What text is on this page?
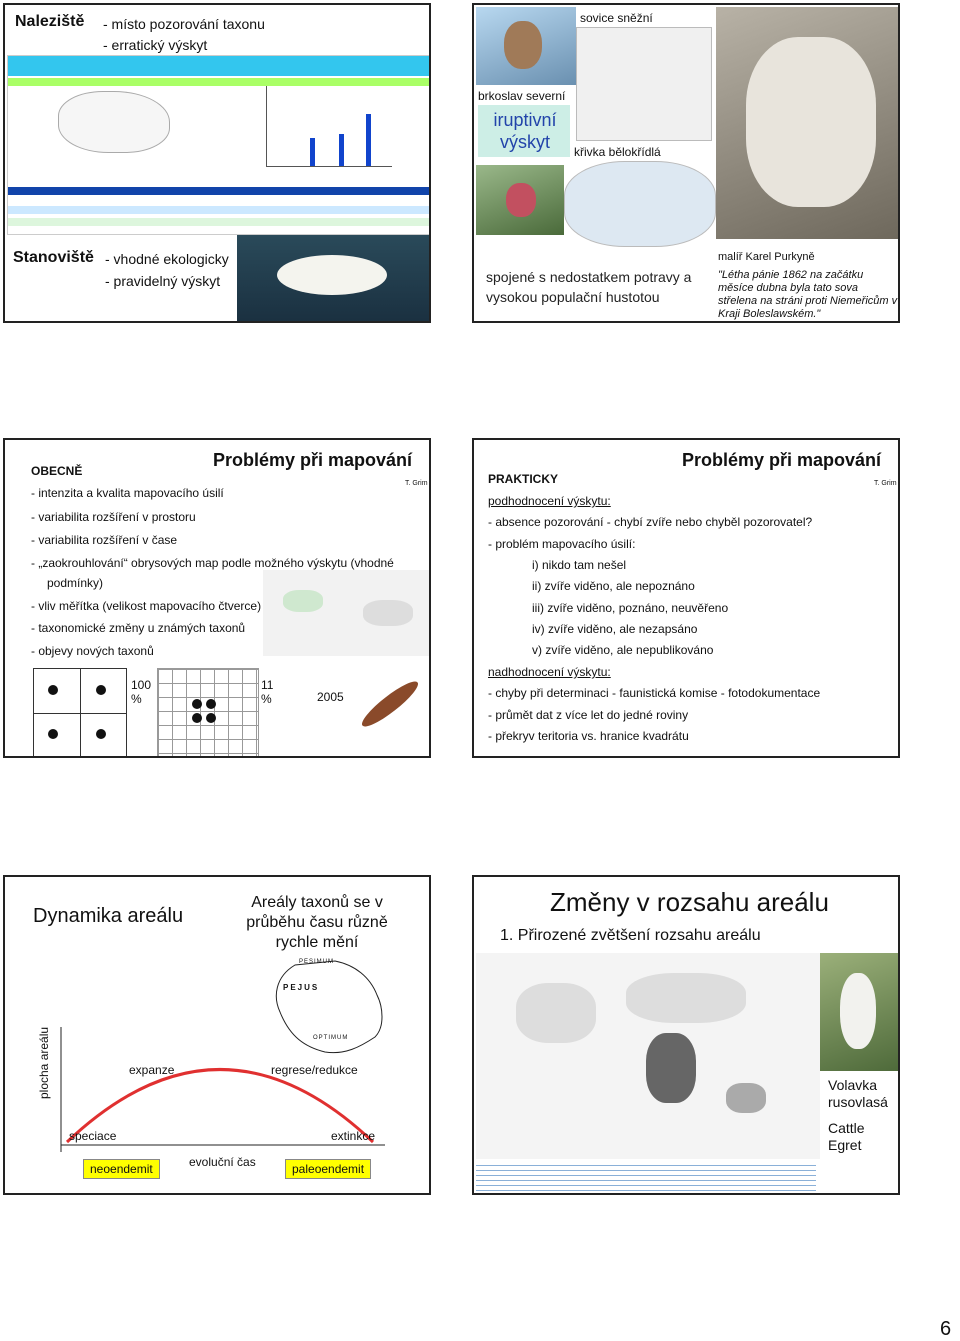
Naleziště - místo pozorování taxonu
- erratický výskyt
Stanoviště - vhodné ekologicky
- pravidelný výskyt
sovice sněžní
brkoslav severní
iruptivní výskyt	křivka bělokřídlá
spojené s nedostatkem potravy a vysokou populační hustotou
malíř Karel Purkyně
"Létha pánie 1862 na začátku měsíce dubna byla tato sova střelena na stráni proti Niemeřicům v Kraji Boleslawském."
OBECNĚ
Problémy při mapování
T. Grim
- intenzita a kvalita mapovacího úsilí
- variabilita rozšíření v prostoru
- variabilita rozšíření v čase
- „zaokrouhlování“ obrysových map podle možného výskytu (vhodné
podmínky)
- vliv měřítka (velikost mapovacího čtverce)
- taxonomické změny u známých taxonů
- objevy nových taxonů
100 %
11 %	2005
Problémy při mapování
T. Grim
PRAKTICKY
podhodnocení výskytu:
- absence pozorování - chybí zvíře nebo chyběl pozorovatel?
- problém mapovacího úsilí:
i) nikdo tam nešel
ii) zvíře viděno, ale nepoznáno
iii) zvíře viděno, poznáno, neuvěřeno
iv) zvíře viděno, ale nezapsáno
v) zvíře viděno, ale nepublikováno
nadhodnocení výskytu:
- chyby při determinaci - faunistická komise - fotodokumentace
- průmět dat z více let do jedné roviny
- překryv teritoria vs. hranice kvadrátu
Dynamika areálu
Areály taxonů se v průběhu času různě rychle mění
plocha areálu
PESIMUM
PEJUS
OPTIMUM
expanze	regrese/redukce
speciace	extinkce
neoendemit	evoluční čas	paleoendemit
Změny v rozsahu areálu
1. Přirozené zvětšení rozsahu areálu
Volavka rusovlasá
Cattle Egret
6
